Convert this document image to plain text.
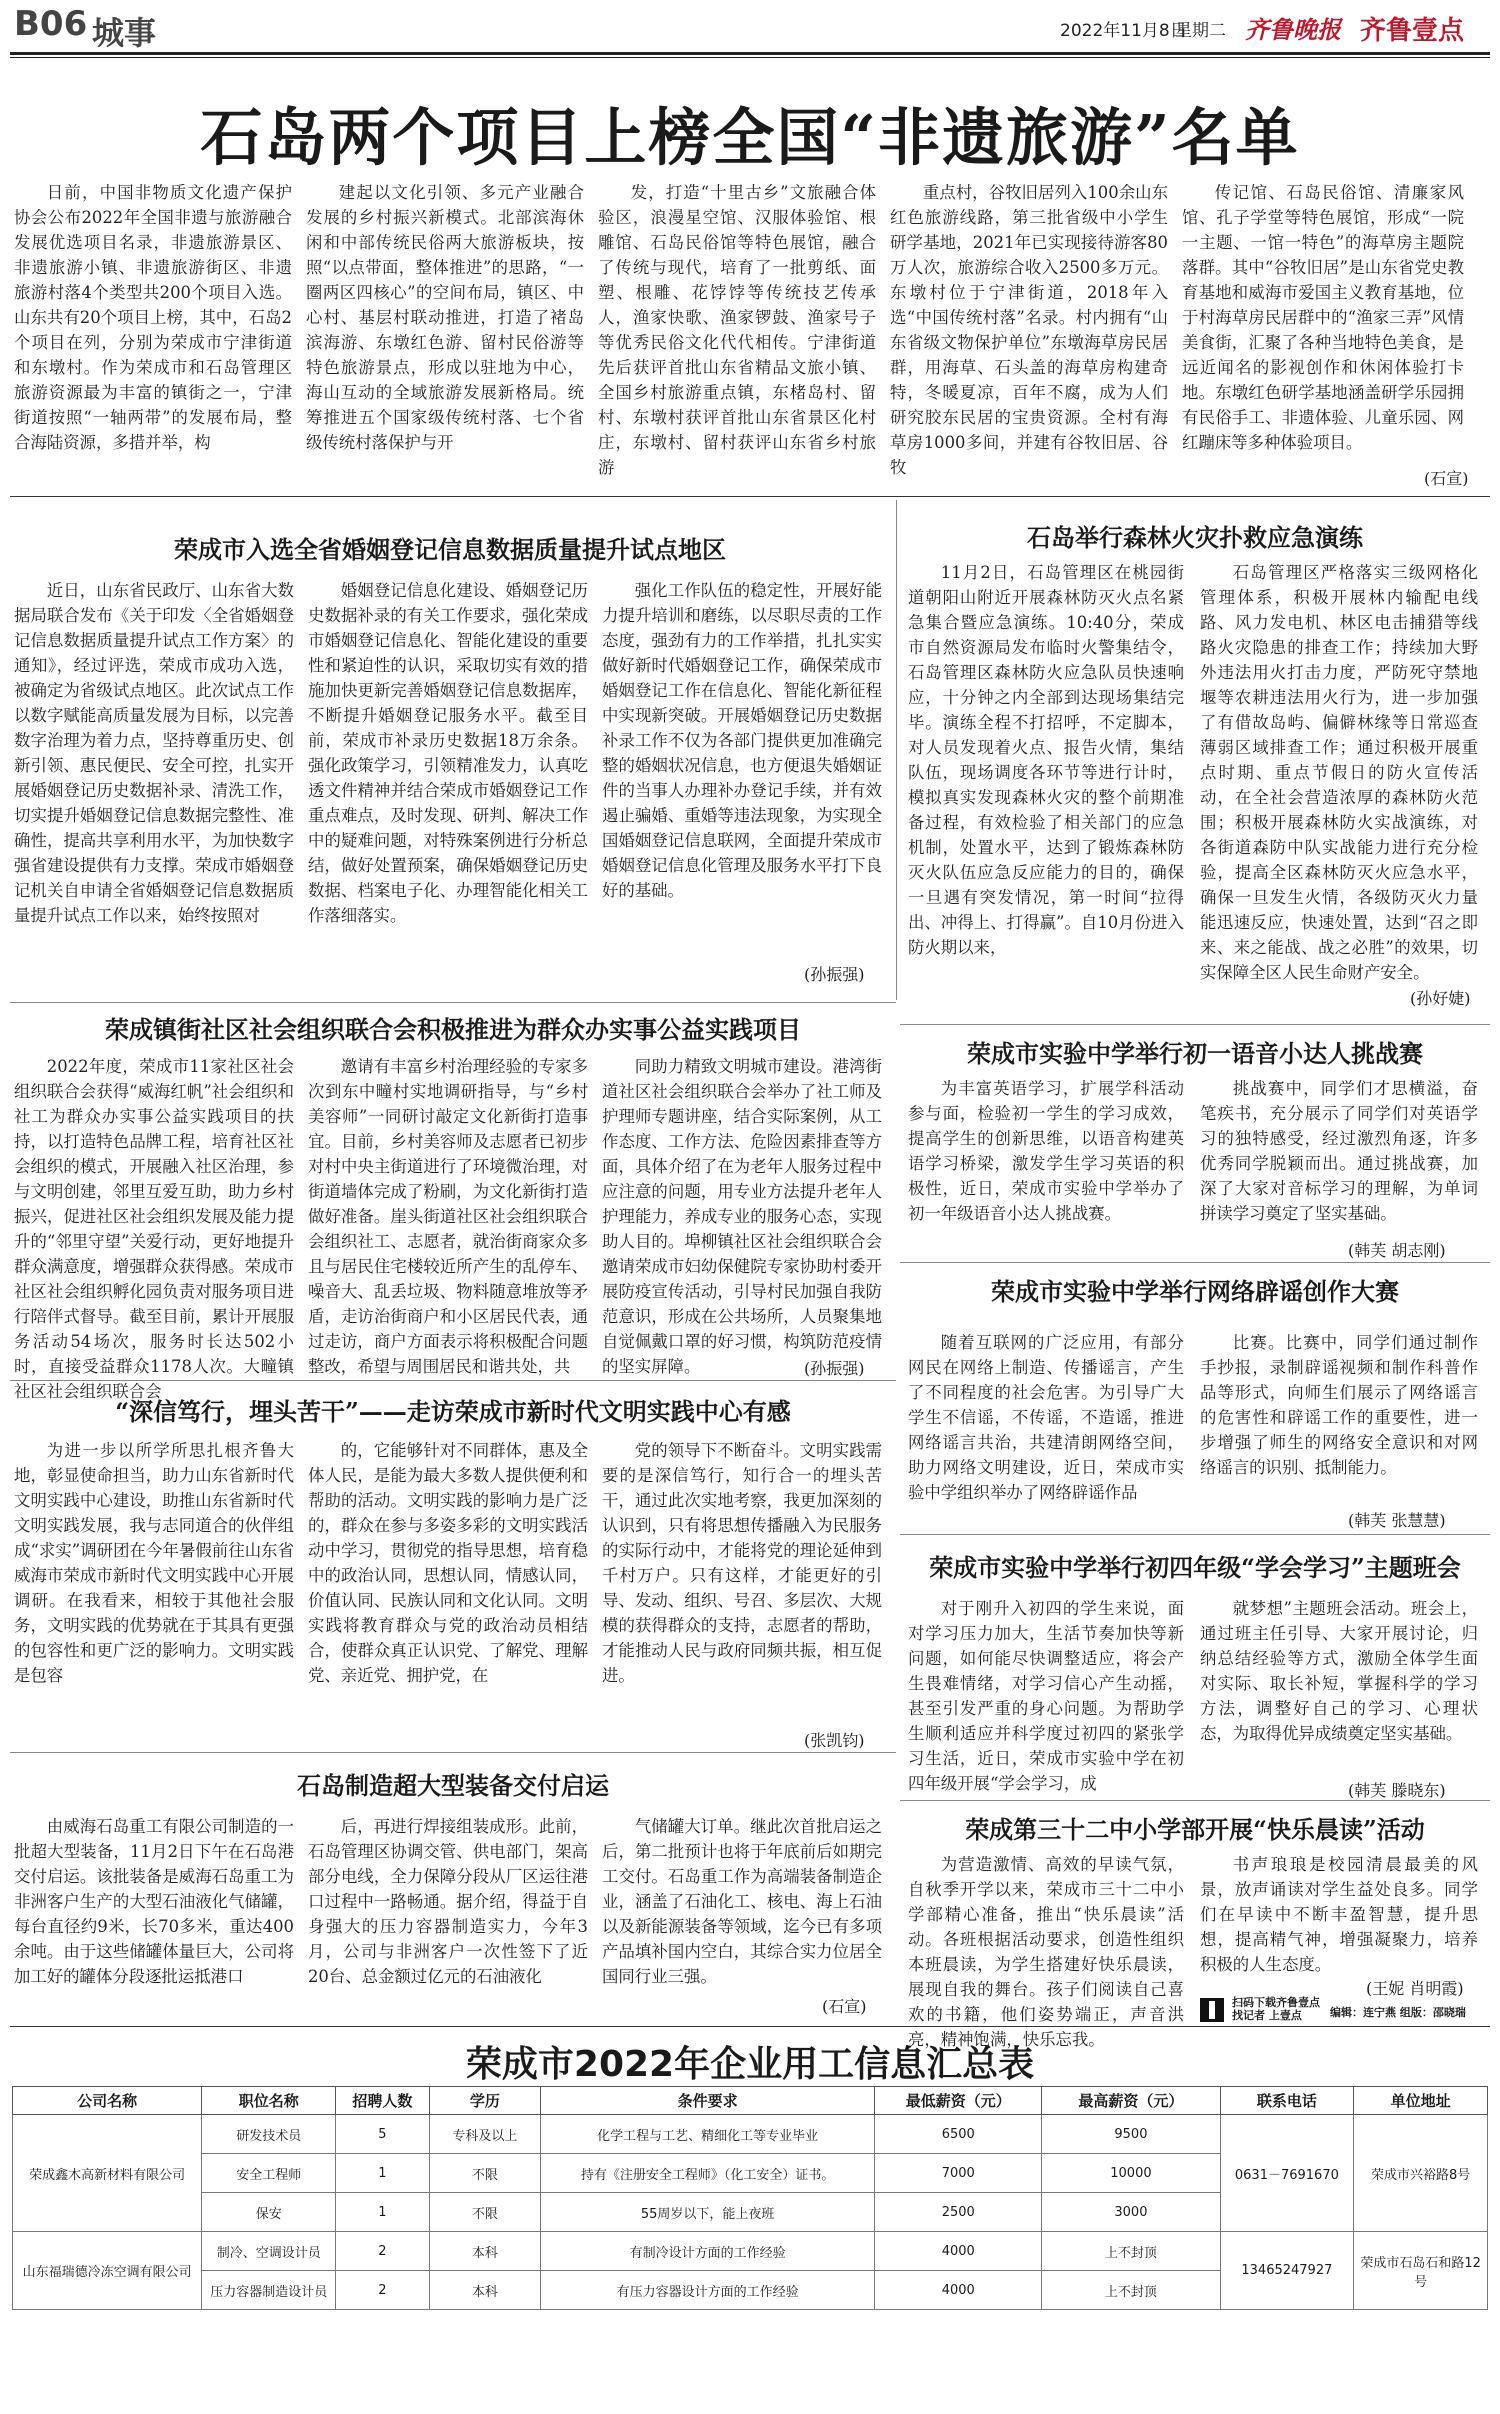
B06 城事	2022年11月8日
星期二 齐鲁晚报 齐鲁壹点
石岛两个项目上榜全国“非遗旅游”名单

日前，中国非物质文化遗产保护协会公布2022年全国非遗与旅游融合发展优选项目名录，非遗旅游景区、非遗旅游小镇、非遗旅游街区、非遗旅游村落4个类型共200个项目入选。山东共有20个项目上榜，其中，石岛2个项目在列，分别为荣成市宁津街道和东墩村。作为荣成市和石岛管理区旅游资源最为丰富的镇街之一，宁津街道按照“一轴两带”的发展布局，整合海陆资源，多措并举，构

建起以文化引领、多元产业融合发展的乡村振兴新模式。北部滨海休闲和中部传统民俗两大旅游板块，按照“以点带面，整体推进”的思路，“一圈两区四核心”的空间布局，镇区、中心村、基层村联动推进，打造了褚岛滨海游、东墩红色游、留村民俗游等特色旅游景点，形成以驻地为中心，海山互动的全域旅游发展新格局。统筹推进五个国家级传统村落、七个省级传统村落保护与开

发，打造“十里古乡”文旅融合体验区，浪漫星空馆、汉服体验馆、根雕馆、石岛民俗馆等特色展馆，融合了传统与现代，培育了一批剪纸、面塑、根雕、花饽饽等传统技艺传承人，渔家快歌、渔家锣鼓、渔家号子等优秀民俗文化代代相传。宁津街道先后获评首批山东省精品文旅小镇、全国乡村旅游重点镇，东楮岛村、留村、东墩村获评首批山东省景区化村庄，东墩村、留村获评山东省乡村旅游

重点村，谷牧旧居列入100余山东红色旅游线路，第三批省级中小学生研学基地，2021年已实现接待游客80万人次，旅游综合收入2500多万元。东墩村位于宁津街道，2018年入选“中国传统村落”名录。村内拥有“山东省级文物保护单位”东墩海草房民居群，用海草、石头盖的海草房构建奇特，冬暖夏凉，百年不腐，成为人们研究胶东民居的宝贵资源。全村有海草房1000多间，并建有谷牧旧居、谷牧

传记馆、石岛民俗馆、清廉家风馆、孔子学堂等特色展馆，形成“一院一主题、一馆一特色”的海草房主题院落群。其中“谷牧旧居”是山东省党史教育基地和威海市爱国主义教育基地，位于村海草房民居群中的“渔家三弄”风情美食街，汇聚了各种当地特色美食，是远近闻名的影视创作和休闲体验打卡地。东墩红色研学基地涵盖研学乐园拥有民俗手工、非遗体验、儿童乐园、网红蹦床等多种体验项目。

(石宣)
荣成市入选全省婚姻登记信息数据质量提升试点地区

近日，山东省民政厅、山东省大数据局联合发布《关于印发〈全省婚姻登记信息数据质量提升试点工作方案〉的通知》，经过评选，荣成市成功入选，被确定为省级试点地区。此次试点工作以数字赋能高质量发展为目标，以完善数字治理为着力点，坚持尊重历史、创新引领、惠民便民、安全可控，扎实开展婚姻登记历史数据补录、清洗工作，切实提升婚姻登记信息数据完整性、准确性，提高共享利用水平，为加快数字强省建设提供有力支撑。荣成市婚姻登记机关自申请全省婚姻登记信息数据质量提升试点工作以来，始终按照对

婚姻登记信息化建设、婚姻登记历史数据补录的有关工作要求，强化荣成市婚姻登记信息化、智能化建设的重要性和紧迫性的认识，采取切实有效的措施加快更新完善婚姻登记信息数据库，不断提升婚姻登记服务水平。截至目前，荣成市补录历史数据18万余条。强化政策学习，引领精准发力，认真吃透文件精神并结合荣成市婚姻登记工作重点难点，及时发现、研判、解决工作中的疑难问题，对特殊案例进行分析总结，做好处置预案，确保婚姻登记历史数据、档案电子化、办理智能化相关工作落细落实。

强化工作队伍的稳定性，开展好能力提升培训和磨练，以尽职尽责的工作态度，强劲有力的工作举措，扎扎实实做好新时代婚姻登记工作，确保荣成市婚姻登记工作在信息化、智能化新征程中实现新突破。开展婚姻登记历史数据补录工作不仅为各部门提供更加准确完整的婚姻状况信息，也方便退失婚姻证件的当事人办理补办登记手续，并有效遏止骗婚、重婚等违法现象，为实现全国婚姻登记信息联网，全面提升荣成市婚姻登记信息化管理及服务水平打下良好的基础。

(孙振强)
石岛举行森林火灾扑救应急演练

11月2日，石岛管理区在桃园街道朝阳山附近开展森林防灭火点名紧急集合暨应急演练。10:40分，荣成市自然资源局发布临时火警集结令，石岛管理区森林防火应急队员快速响应，十分钟之内全部到达现场集结完毕。演练全程不打招呼，不定脚本，对人员发现着火点、报告火情，集结队伍，现场调度各环节等进行计时，模拟真实发现森林火灾的整个前期准备过程，有效检验了相关部门的应急机制，处置水平，达到了锻炼森林防灭火队伍应急反应能力的目的，确保一旦遇有突发情况，第一时间“拉得出、冲得上、打得赢”。自10月份进入防火期以来，

石岛管理区严格落实三级网格化管理体系，积极开展林内输配电线路、风力发电机、林区电击捕猎等线路火灾隐患的排查工作；持续加大野外违法用火打击力度，严防死守禁地堰等农耕违法用火行为，进一步加强了有借故岛屿、偏僻林缘等日常巡查薄弱区域排查工作；通过积极开展重点时期、重点节假日的防火宣传活动，在全社会营造浓厚的森林防火范围；积极开展森林防火实战演练，对各街道森防中队实战能力进行充分检验，提高全区森林防灭火应急水平，确保一旦发生火情，各级防灭火力量能迅速反应，快速处置，达到“召之即来、来之能战、战之必胜”的效果，切实保障全区人民生命财产安全。

(孙好婕)
荣成镇街社区社会组织联合会积极推进为群众办实事公益实践项目

2022年度，荣成市11家社区社会组织联合会获得“威海红帆”社会组织和社工为群众办实事公益实践项目的扶持，以打造特色品牌工程，培育社区社会组织的模式，开展融入社区治理，参与文明创建，邻里互爱互助，助力乡村振兴，促进社区社会组织发展及能力提升的“邻里守望”关爱行动，更好地提升群众满意度，增强群众获得感。荣成市社区社会组织孵化园负责对服务项目进行陪伴式督导。截至目前，累计开展服务活动54场次，服务时长达502小时，直接受益群众1178人次。大疃镇社区社会组织联合会

邀请有丰富乡村治理经验的专家多次到东中疃村实地调研指导，与“乡村美容师”一同研讨敲定文化新街打造事宜。目前，乡村美容师及志愿者已初步对村中央主街道进行了环境微治理，对街道墙体完成了粉刷，为文化新街打造做好准备。崖头街道社区社会组织联合会组织社工、志愿者，就治街商家众多且与居民住宅楼较近所产生的乱停车、噪音大、乱丢垃圾、物料随意堆放等矛盾，走访治街商户和小区居民代表，通过走访，商户方面表示将积极配合问题整改，希望与周围居民和谐共处，共

同助力精致文明城市建设。港湾街道社区社会组织联合会举办了社工师及护理师专题讲座，结合实际案例，从工作态度、工作方法、危险因素排查等方面，具体介绍了在为老年人服务过程中应注意的问题，用专业方法提升老年人护理能力，养成专业的服务心态，实现助人目的。埠柳镇社区社会组织联合会邀请荣成市妇幼保健院专家协助村委开展防疫宣传活动，引导村民加强自我防范意识，形成在公共场所，人员聚集地自觉佩戴口罩的好习惯，构筑防范疫情的坚实屏障。	(孙振强)
荣成市实验中学举行初一语音小达人挑战赛

为丰富英语学习，扩展学科活动参与面，检验初一学生的学习成效，提高学生的创新思维，以语音构建英语学习桥梁，激发学生学习英语的积极性，近日，荣成市实验中学举办了初一年级语音小达人挑战赛。

挑战赛中，同学们才思横溢，奋笔疾书，充分展示了同学们对英语学习的独特感受，经过激烈角逐，许多优秀同学脱颖而出。通过挑战赛，加深了大家对音标学习的理解，为单词拼读学习奠定了坚实基础。

(韩芙 胡志刚)
荣成市实验中学举行网络辟谣创作大赛

随着互联网的广泛应用，有部分网民在网络上制造、传播谣言，产生了不同程度的社会危害。为引导广大学生不信谣，不传谣，不造谣，推进网络谣言共治，共建清朗网络空间，助力网络文明建设，近日，荣成市实验中学组织举办了网络辟谣作品

比赛。比赛中，同学们通过制作手抄报，录制辟谣视频和制作科普作品等形式，向师生们展示了网络谣言的危害性和辟谣工作的重要性，进一步增强了师生的网络安全意识和对网络谣言的识别、抵制能力。

(韩芙 张慧慧)
“深信笃行，埋头苦干”——走访荣成市新时代文明实践中心有感

为进一步以所学所思扎根齐鲁大地，彰显使命担当，助力山东省新时代文明实践中心建设，助推山东省新时代文明实践发展，我与志同道合的伙伴组成“求实”调研团在今年暑假前往山东省威海市荣成市新时代文明实践中心开展调研。在我看来，相较于其他社会服务，文明实践的优势就在于其具有更强的包容性和更广泛的影响力。文明实践是包容

的，它能够针对不同群体，惠及全体人民，是能为最大多数人提供便利和帮助的活动。文明实践的影响力是广泛的，群众在参与多姿多彩的文明实践活动中学习，贯彻党的指导思想，培育稳中的政治认同，思想认同，情感认同，价值认同、民族认同和文化认同。文明实践将教育群众与党的政治动员相结合，使群众真正认识党、了解党、理解党、亲近党、拥护党，在

党的领导下不断奋斗。文明实践需要的是深信笃行，知行合一的埋头苦干，通过此次实地考察，我更加深刻的认识到，只有将思想传播融入为民服务的实际行动中，才能将党的理论延伸到千村万户。只有这样，才能更好的引导、发动、组织、号召、多层次、大规模的获得群众的支持，志愿者的帮助，才能推动人民与政府同频共振，相互促进。

(张凯钧)
荣成市实验中学举行初四年级“学会学习”主题班会

对于刚升入初四的学生来说，面对学习压力加大，生活节奏加快等新问题，如何能尽快调整适应，将会产生畏难情绪，对学习信心产生动摇，甚至引发严重的身心问题。为帮助学生顺利适应并科学度过初四的紧张学习生活，近日，荣成市实验中学在初四年级开展“学会学习，成

就梦想”主题班会活动。班会上，通过班主任引导、大家开展讨论，归纳总结经验等方式，激励全体学生面对实际、取长补短，掌握科学的学习方法，调整好自己的学习、心理状态，为取得优异成绩奠定坚实基础。

(韩芙 滕晓东)
石岛制造超大型装备交付启运

由威海石岛重工有限公司制造的一批超大型装备，11月2日下午在石岛港交付启运。该批装备是威海石岛重工为非洲客户生产的大型石油液化气储罐，每台直径约9米，长70多米，重达400余吨。由于这些储罐体量巨大，公司将加工好的罐体分段逐批运抵港口

后，再进行焊接组装成形。此前，石岛管理区协调交管、供电部门，架高部分电线，全力保障分段从厂区运往港口过程中一路畅通。据介绍，得益于自身强大的压力容器制造实力，今年3月，公司与非洲客户一次性签下了近20台、总金额过亿元的石油液化

气储罐大订单。继此次首批启运之后，第二批预计也将于年底前后如期完工交付。石岛重工作为高端装备制造企业，涵盖了石油化工、核电、海上石油以及新能源装备等领域，迄今已有多项产品填补国内空白，其综合实力位居全国同行业三强。

(石宣)
荣成第三十二中小学部开展“快乐晨读”活动

为营造激情、高效的早读气氛，自秋季开学以来，荣成市三十二中小学部精心准备，推出“快乐晨读”活动。各班根据活动要求，创造性组织本班晨读，为学生搭建好快乐晨读，展现自我的舞台。孩子们阅读自己喜欢的书籍，他们姿势端正，声音洪亮，精神饱满，快乐忘我。

扫码下载齐鲁壹点
找记者 上壹点	编辑：连宁燕 组版：邵晓瑞
荣成市2022年企业用工信息汇总表
公司名称	职位名称	招聘人数	学历	条件要求	最低薪资（元）	最高薪资（元）	联系电话	单位地址
荣成鑫木高新材料有限公司	研发技术员	5	专科及以上	化学工程与工艺、精细化工等专业毕业	6500	9500	0631－7691670	荣成市兴裕路8号
	安全工程师	1	不限	持有《注册安全工程师》（化工安全）证书。	7000	10000		
	保安	1	不限	55周岁以下，能上夜班	2500	3000		
山东福瑞德冷冻空调有限公司	制冷、空调设计员	2	本科	有制冷设计方面的工作经验	4000	上不封顶	13465247927	荣成市石岛石和路12号
	压力容器制造设计员	2	本科	有压力容器设计方面的工作经验	4000	上不封顶		

书声琅琅是校园清晨最美的风景，放声诵读对学生益处良多。同学们在早读中不断丰盈智慧，提升思想，提高精气神，增强凝聚力，培养积极的人生态度。

(王妮 肖明霞)
